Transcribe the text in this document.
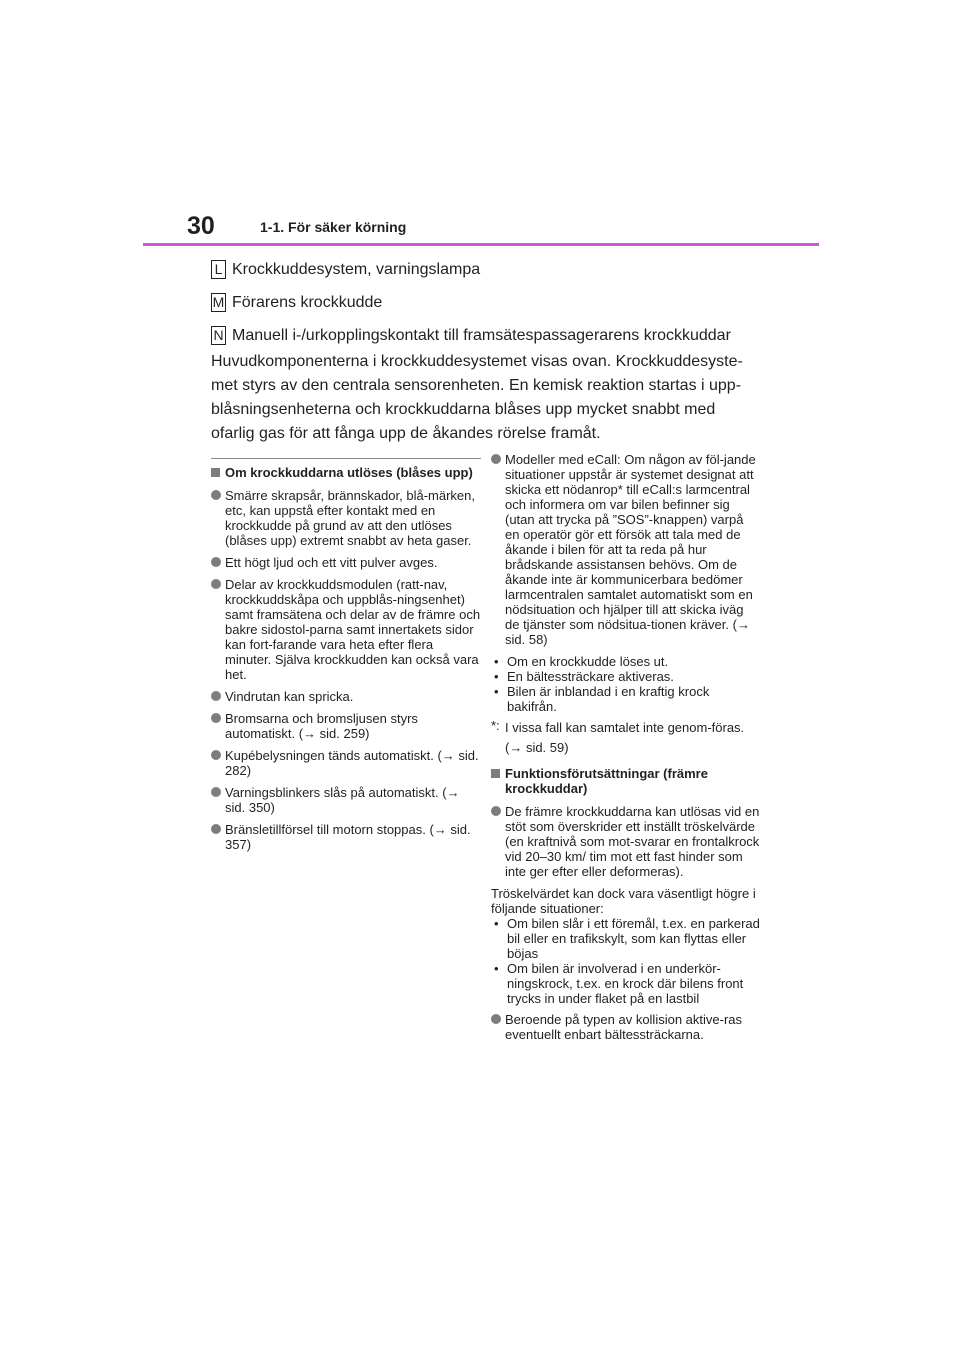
30	1-1. För säker körning
L Krockkuddesystem, varningslampa
M Förarens krockkudde
N Manuell i-/urkopplingskontakt till framsätespassagerarens krockkuddar

Huvudkomponenterna i krockkuddesystemet visas ovan. Krockkuddesyste-met styrs av den centrala sensorenheten. En kemisk reaktion startas i upp-blåsningsenheterna och krockkuddarna blåses upp mycket snabbt med ofarlig gas för att fånga upp de åkandes rörelse framåt.

Om krockkuddarna utlöses (blåses upp)
Smärre skrapsår, brännskador, blå-märken, etc, kan uppstå efter kontakt med en krockkudde på grund av att den utlöses (blåses upp) extremt snabbt av heta gaser.
Ett högt ljud och ett vitt pulver avges.
Delar av krockkuddsmodulen (ratt-nav, krockkuddskåpa och uppblås-ningsenhet) samt framsätena och delar av de främre och bakre sidostol-parna samt innertakets sidor kan fort-farande vara heta efter flera minuter. Själva krockkudden kan också vara het.
Vindrutan kan spricka.
Bromsarna och bromsljusen styrs automatiskt. (→ sid. 259)
Kupébelysningen tänds automatiskt. (→ sid. 282)
Varningsblinkers slås på automatiskt. (→ sid. 350)
Bränsletillförsel till motorn stoppas. (→ sid. 357)
Modeller med eCall: Om någon av föl-jande situationer uppstår är systemet designat att skicka ett nödanrop* till eCall:s larmcentral och informera om var bilen befinner sig (utan att trycka på ”SOS”-knappen) varpå en operatör gör ett försök att tala med de åkande i bilen för att ta reda på hur brådskande assistansen behövs. Om de åkande inte är kommunicerbara bedömer larmcentralen samtalet automatiskt som en nödsituation och hjälper till att skicka iväg de tjänster som nödsitua-tionen kräver. (→ sid. 58)
• Om en krockkudde löses ut.
• En bältessträckare aktiveras.
• Bilen är inblandad i en kraftig krock bakifrån.
*: I vissa fall kan samtalet inte genom-föras. (→ sid. 59)
Funktionsförutsättningar (främre krockkuddar)
De främre krockkuddarna kan utlösas vid en stöt som överskrider ett inställt tröskelvärde (en kraftnivå som mot-svarar en frontalkrock vid 20–30 km/ tim mot ett fast hinder som inte ger efter eller deformeras).

Tröskelvärdet kan dock vara väsentligt högre i följande situationer:

• Om bilen slår i ett föremål, t.ex. en parkerad bil eller en trafikskylt, som kan flyttas eller böjas
• Om bilen är involverad i en underkör-ningskrock, t.ex. en krock där bilens front trycks in under flaket på en lastbil
Beroende på typen av kollision aktive-ras eventuellt enbart bältessträckarna.
